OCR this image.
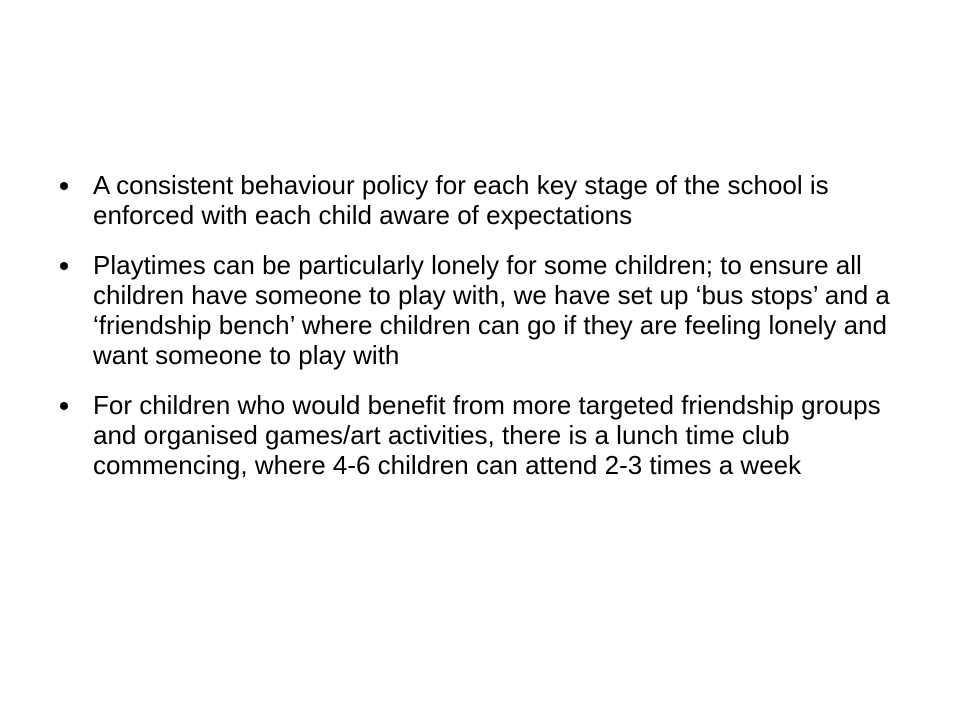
A consistent behaviour policy for each key stage of the school is enforced with each child aware of expectations
Playtimes can be particularly lonely for some children; to ensure all children have someone to play with, we have set up ‘bus stops’ and a ‘friendship bench’ where children can go if they are feeling lonely and want someone to play with
For children who would benefit from more targeted friendship groups and organised games/art activities, there is a lunch time club commencing, where 4-6 children can attend 2-3 times a week
